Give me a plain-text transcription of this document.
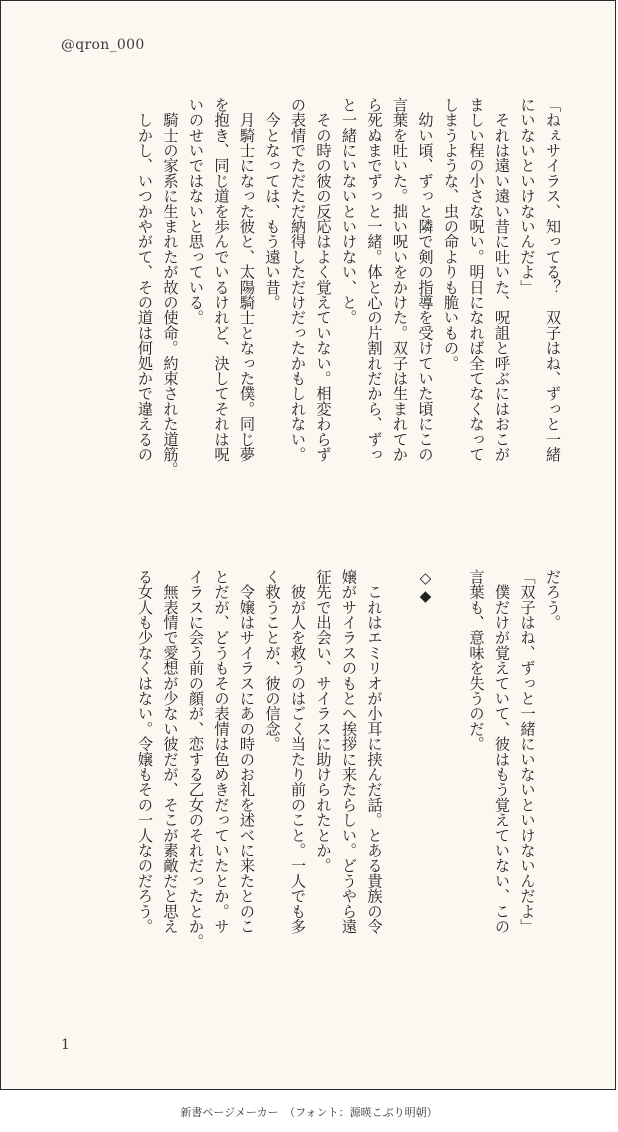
@qron_000
「ねぇサイラス、知ってる？　双子はね、ずっと一緒
にいないといけないんだよ」
　それは遠い遠い昔に吐いた、呪詛と呼ぶにはおこが
ましい程の小さな呪い。明日になれば全てなくなって
しまうような、虫の命よりも脆いもの。
　幼い頃、ずっと隣で剣の指導を受けていた頃にこの
言葉を吐いた。拙い呪いをかけた。双子は生まれてか
ら死ぬまでずっと一緒。体と心の片割れだから、ずっ
と一緒にいないといけない、と。
　その時の彼の反応はよく覚えていない。相変わらず
の表情でただただ納得しただけだったかもしれない。
　今となっては、もう遠い昔。
　月騎士になった彼と、太陽騎士となった僕。同じ夢
を抱き、同じ道を歩んでいるけれど、決してそれは呪
いのせいではないと思っている。
　騎士の家系に生まれたが故の使命。約束された道筋。
　しかし、いつかやがて、その道は何処かで違えるの
だろう。
「双子はね、ずっと一緒にいないといけないんだよ」
　僕だけが覚えていて、彼はもう覚えていない、この
言葉も、意味を失うのだ。

◇◆

　これはエミリオが小耳に挟んだ話。とある貴族の令
嬢がサイラスのもとへ挨拶に来たらしい。どうやら遠
征先で出会い、サイラスに助けられたとか。
　彼が人を救うのはごく当たり前のこと。一人でも多
く救うことが、彼の信念。
　令嬢はサイラスにあの時のお礼を述べに来たとのこ
とだが、どうもその表情は色めきだっていたとか。サ
イラスに会う前の顔が、恋する乙女のそれだったとか。
　無表情で愛想が少ない彼だが、そこが素敵だと思え
る女人も少なくはない。令嬢もその一人なのだろう。
1
新書ページメーカー　（フォント：源暎こぶり明朝）
